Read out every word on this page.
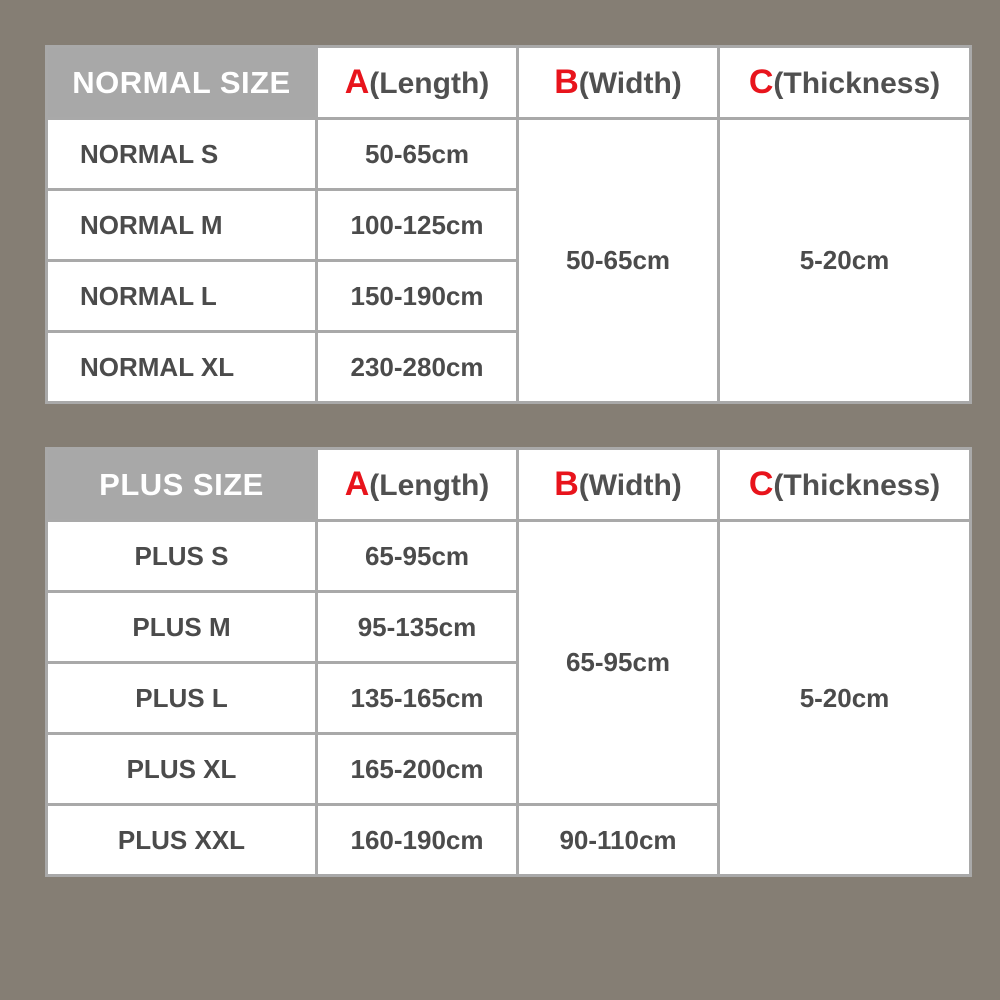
NORMAL SIZE	A(Length)	B(Width)	C(Thickness)
NORMAL S	50-65cm	50-65cm	5-20cm
NORMAL M	100-125cm		
NORMAL L	150-190cm		
NORMAL XL	230-280cm		
PLUS SIZE	A(Length)	B(Width)	C(Thickness)
PLUS S	65-95cm	65-95cm	5-20cm
PLUS M	95-135cm		
PLUS L	135-165cm		
PLUS XL	165-200cm		
PLUS XXL	160-190cm	90-110cm	
